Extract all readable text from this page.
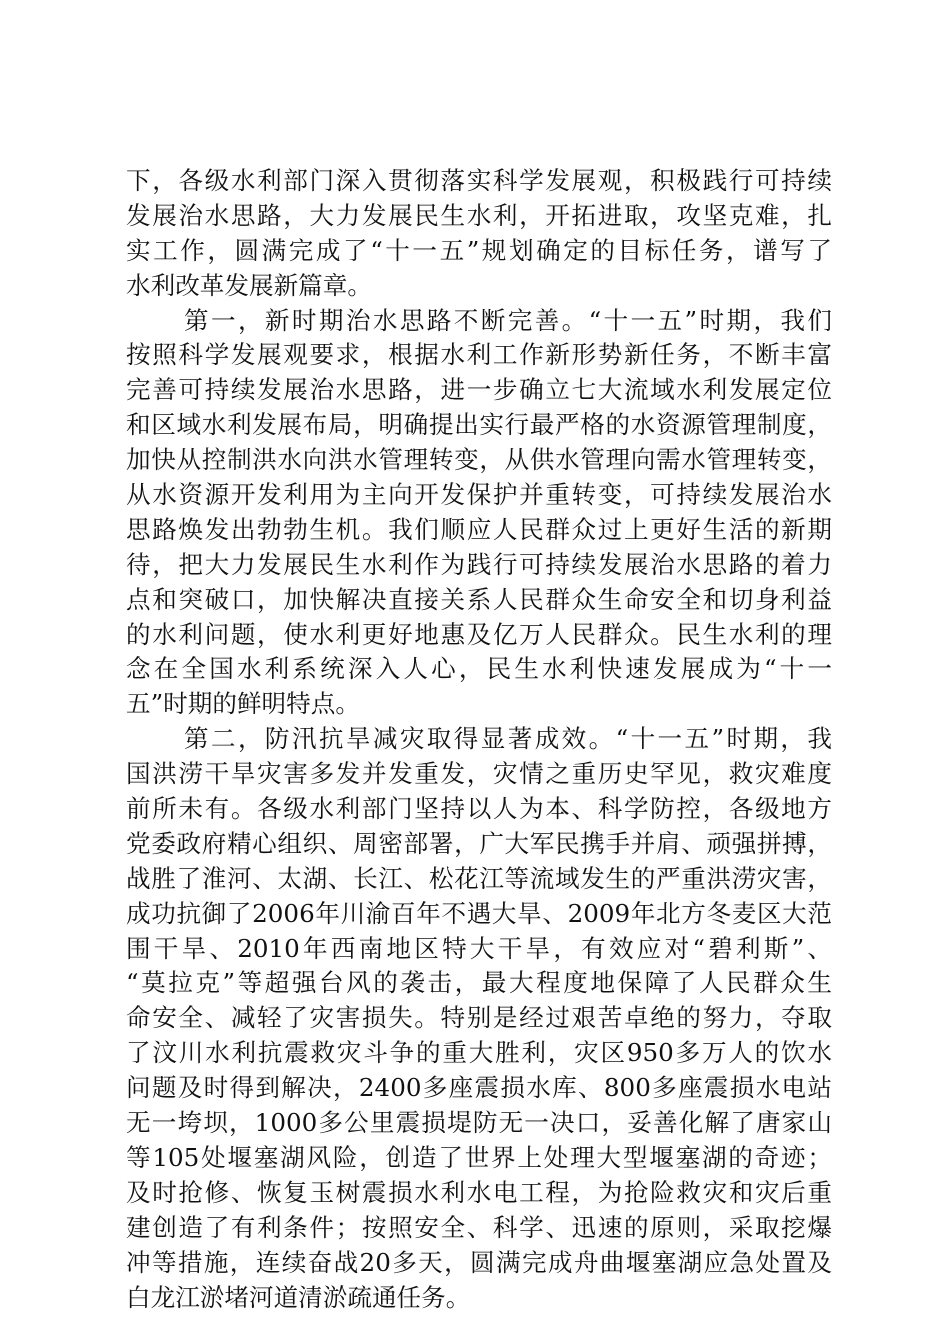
下，各级水利部门深入贯彻落实科学发展观，积极践行可持续
发展治水思路，大力发展民生水利，开拓进取，攻坚克难，扎
实工作，圆满完成了“十一五”规划确定的目标任务，谱写了
水利改革发展新篇章。
第一，新时期治水思路不断完善。“十一五”时期，我们
按照科学发展观要求，根据水利工作新形势新任务，不断丰富
完善可持续发展治水思路，进一步确立七大流域水利发展定位
和区域水利发展布局，明确提出实行最严格的水资源管理制度，
加快从控制洪水向洪水管理转变，从供水管理向需水管理转变，
从水资源开发利用为主向开发保护并重转变，可持续发展治水
思路焕发出勃勃生机。我们顺应人民群众过上更好生活的新期
待，把大力发展民生水利作为践行可持续发展治水思路的着力
点和突破口，加快解决直接关系人民群众生命安全和切身利益
的水利问题，使水利更好地惠及亿万人民群众。民生水利的理
念在全国水利系统深入人心，民生水利快速发展成为“十一
五”时期的鲜明特点。
第二，防汛抗旱减灾取得显著成效。“十一五”时期，我
国洪涝干旱灾害多发并发重发，灾情之重历史罕见，救灾难度
前所未有。各级水利部门坚持以人为本、科学防控，各级地方
党委政府精心组织、周密部署，广大军民携手并肩、顽强拼搏，
战胜了淮河、太湖、长江、松花江等流域发生的严重洪涝灾害，
成功抗御了2006年川渝百年不遇大旱、2009年北方冬麦区大范
围干旱、2010年西南地区特大干旱，有效应对“碧利斯”、
“莫拉克”等超强台风的袭击，最大程度地保障了人民群众生
命安全、减轻了灾害损失。特别是经过艰苦卓绝的努力，夺取
了汶川水利抗震救灾斗争的重大胜利，灾区950多万人的饮水
问题及时得到解决，2400多座震损水库、800多座震损水电站
无一垮坝，1000多公里震损堤防无一决口，妥善化解了唐家山
等105处堰塞湖风险，创造了世界上处理大型堰塞湖的奇迹；
及时抢修、恢复玉树震损水利水电工程，为抢险救灾和灾后重
建创造了有利条件；按照安全、科学、迅速的原则，采取挖爆
冲等措施，连续奋战20多天，圆满完成舟曲堰塞湖应急处置及
白龙江淤堵河道清淤疏通任务。
